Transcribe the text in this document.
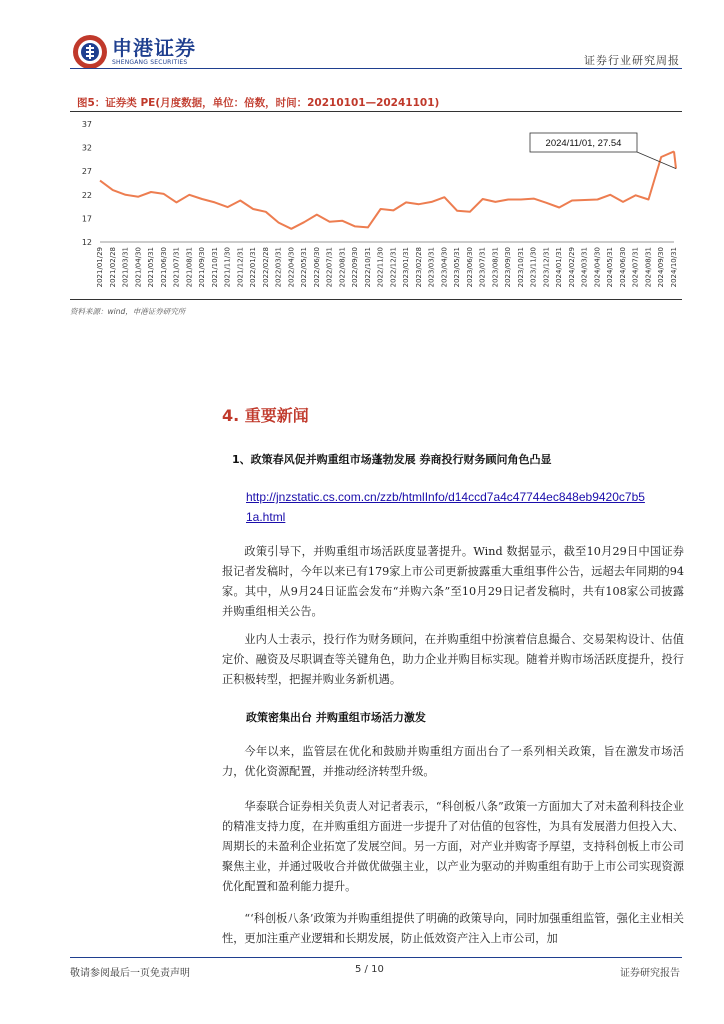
申港证券
SHENGANG SECURITIES	证券行业研究周报
图5：证券类 PE(月度数据，单位：倍数，时间：20210101—20241101)
12
17
22
27
32
37
2021/01/29 2021/02/28 2021/03/31 2021/04/30 2021/05/31 2021/06/30 2021/07/31 2021/08/31 2021/09/30 2021/10/31 2021/11/30 2021/12/31 2022/01/31 2022/02/28 2022/03/31 2022/04/30 2022/05/31 2022/06/30 2022/07/31 2022/08/31 2022/09/30 2022/10/31 2022/11/30 2022/12/31 2023/01/31 2023/02/28 2023/03/31 2023/04/30 2023/05/31 2023/06/30 2023/07/31 2023/08/31 2023/09/30 2023/10/31 2023/11/30 2023/12/31 2024/01/31 2024/02/29 2024/03/31 2024/04/30 2024/05/31 2024/06/30 2024/07/31 2024/08/31 2024/09/30 2024/10/31
2024/11/01, 27.54
资料来源：wind，申港证券研究所
4. 重要新闻
1、政策春风促并购重组市场蓬勃发展 券商投行财务顾问角色凸显
http://jnzstatic.cs.com.cn/zzb/htmlInfo/d14ccd7a4c47744ec848eb9420c7b5
1a.html
政策引导下，并购重组市场活跃度显著提升。Wind 数据显示，截至10月29日中国证券报记者发稿时，今年以来已有179家上市公司更新披露重大重组事件公告，远超去年同期的94家。其中，从9月24日证监会发布“并购六条”至10月29日记者发稿时，共有108家公司披露并购重组相关公告。
业内人士表示，投行作为财务顾问，在并购重组中扮演着信息撮合、交易架构设计、估值定价、融资及尽职调查等关键角色，助力企业并购目标实现。随着并购市场活跃度提升，投行正积极转型，把握并购业务新机遇。
政策密集出台 并购重组市场活力激发
今年以来，监管层在优化和鼓励并购重组方面出台了一系列相关政策，旨在激发市场活力，优化资源配置，并推动经济转型升级。
华泰联合证券相关负责人对记者表示，“科创板八条”政策一方面加大了对未盈利科技企业的精准支持力度，在并购重组方面进一步提升了对估值的包容性，为具有发展潜力但投入大、周期长的未盈利企业拓宽了发展空间。另一方面，对产业并购寄予厚望，支持科创板上市公司聚焦主业，并通过吸收合并做优做强主业，以产业为驱动的并购重组有助于上市公司实现资源优化配置和盈利能力提升。
“‘科创板八条’政策为并购重组提供了明确的政策导向，同时加强重组监管，强化主业相关性，更加注重产业逻辑和长期发展，防止低效资产注入上市公司，加
敬请参阅最后一页免责声明	5 / 10	证券研究报告
